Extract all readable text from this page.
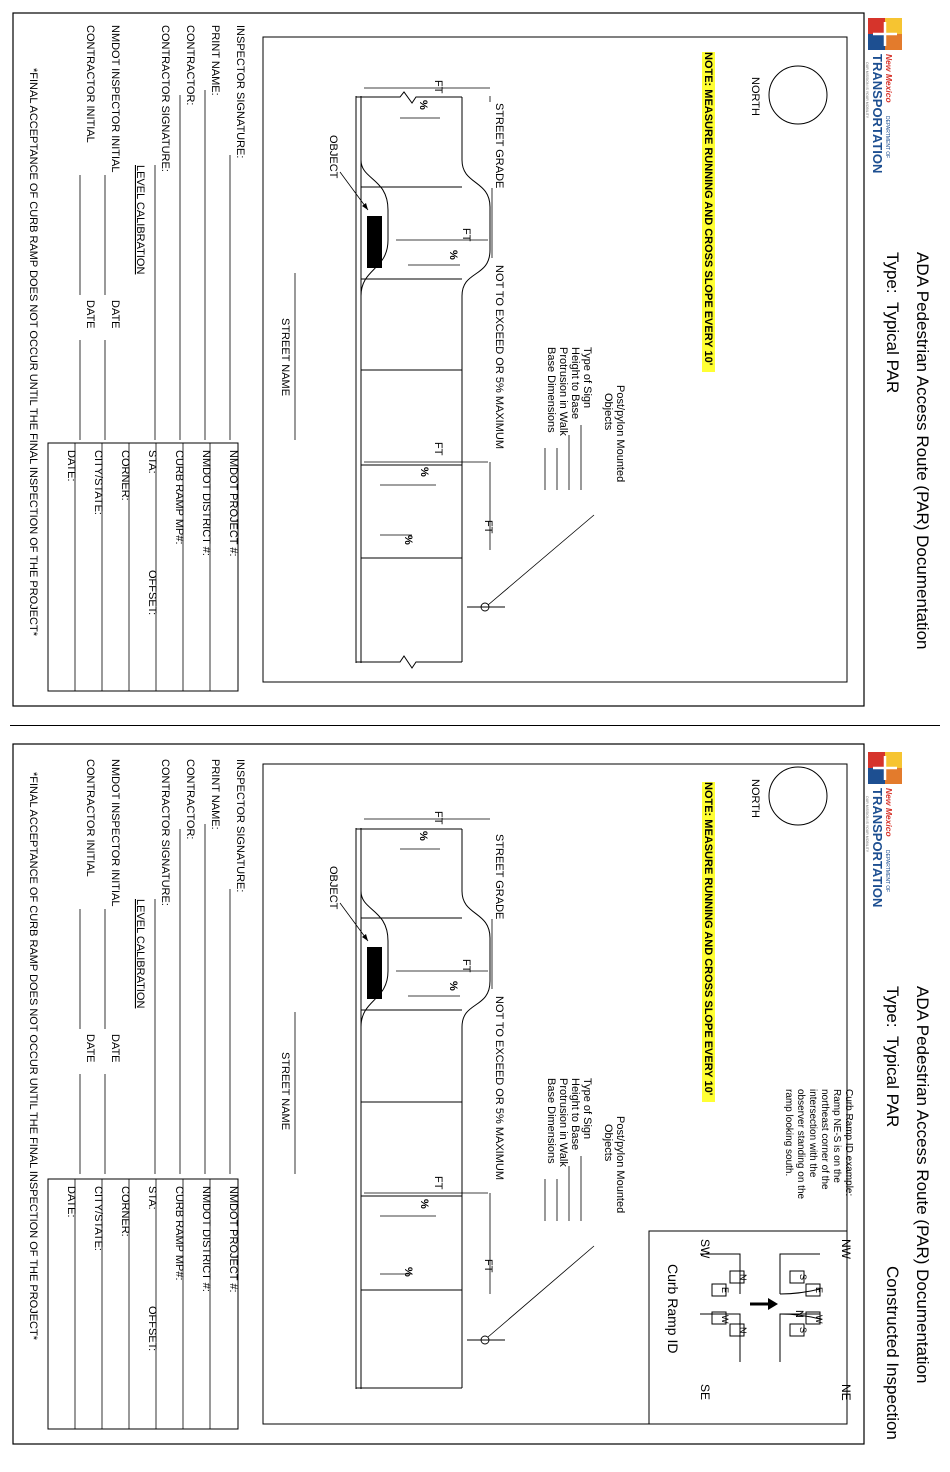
ADA Pedestrian Access Route (PAR) Documentation
Type:
Typical PAR
New Mexico
DEPARTMENT OF
TRANSPORTATION
OUR MISSION IS YOUR MOBILITY
NORTH
NOTE: MEASURE RUNNING AND CROSS SLOPE EVERY 10'
Post/pylon Mounted
Objects
Type of Sign
Height to Base
Protrusion in Walk
Base Dimensions
STREET GRADE
NOT TO EXCEED OR 5% MAXIMUM
OBJECT
FT
%
FT
%
FT
%
%
FT
STREET NAME
INSPECTOR SIGNATURE:
PRINT NAME:
CONTRACTOR:
CONTRACTOR SIGNATURE:
LEVEL CALIBRATION
NMDOT INSPECTOR INITIAL
DATE
CONTRACTOR INITIAL
DATE
NMDOT PROJECT #:
NMDOT DISTRICT #:
CURB RAMP MP#:
STA:
OFFSET:
CORNER:
CITY/STATE:
DATE:
*FINAL ACCEPTANCE OF CURB RAMP DOES NOT OCCUR UNTIL THE FINAL INSPECTION OF THE PROJECT*
ADA Pedestrian Access Route (PAR) Documentation
Type:
Typical PAR
Constructed Inspection
New Mexico
DEPARTMENT OF
TRANSPORTATION
OUR MISSION IS YOUR MOBILITY
NORTH
NOTE: MEASURE RUNNING AND CROSS SLOPE EVERY 10'
Curb Ramp ID example:
Ramp NE-S is on the
northeast corner of the
intersection with the
observer standing on the
ramp looking south.
N
NW
NE
SW
SE
S
E
S
W
N
E
N
W
Curb Ramp ID
Post/pylon Mounted
Objects
Type of Sign
Height to Base
Protrusion in Walk
Base Dimensions
STREET GRADE
NOT TO EXCEED OR 5% MAXIMUM
OBJECT
FT
%
FT
%
FT
%
%	FT
STREET NAME
INSPECTOR SIGNATURE:
PRINT NAME:
CONTRACTOR:
CONTRACTOR SIGNATURE:
LEVEL CALIBRATION
NMDOT INSPECTOR INITIAL
DATE
CONTRACTOR INITIAL
DATE
NMDOT PROJECT #:
NMDOT DISTRICT #:
CURB RAMP MP#:
STA:
OFFSET:
CORNER:
CITY/STATE:
DATE:
*FINAL ACCEPTANCE OF CURB RAMP DOES NOT OCCUR UNTIL THE FINAL INSPECTION OF THE PROJECT*
